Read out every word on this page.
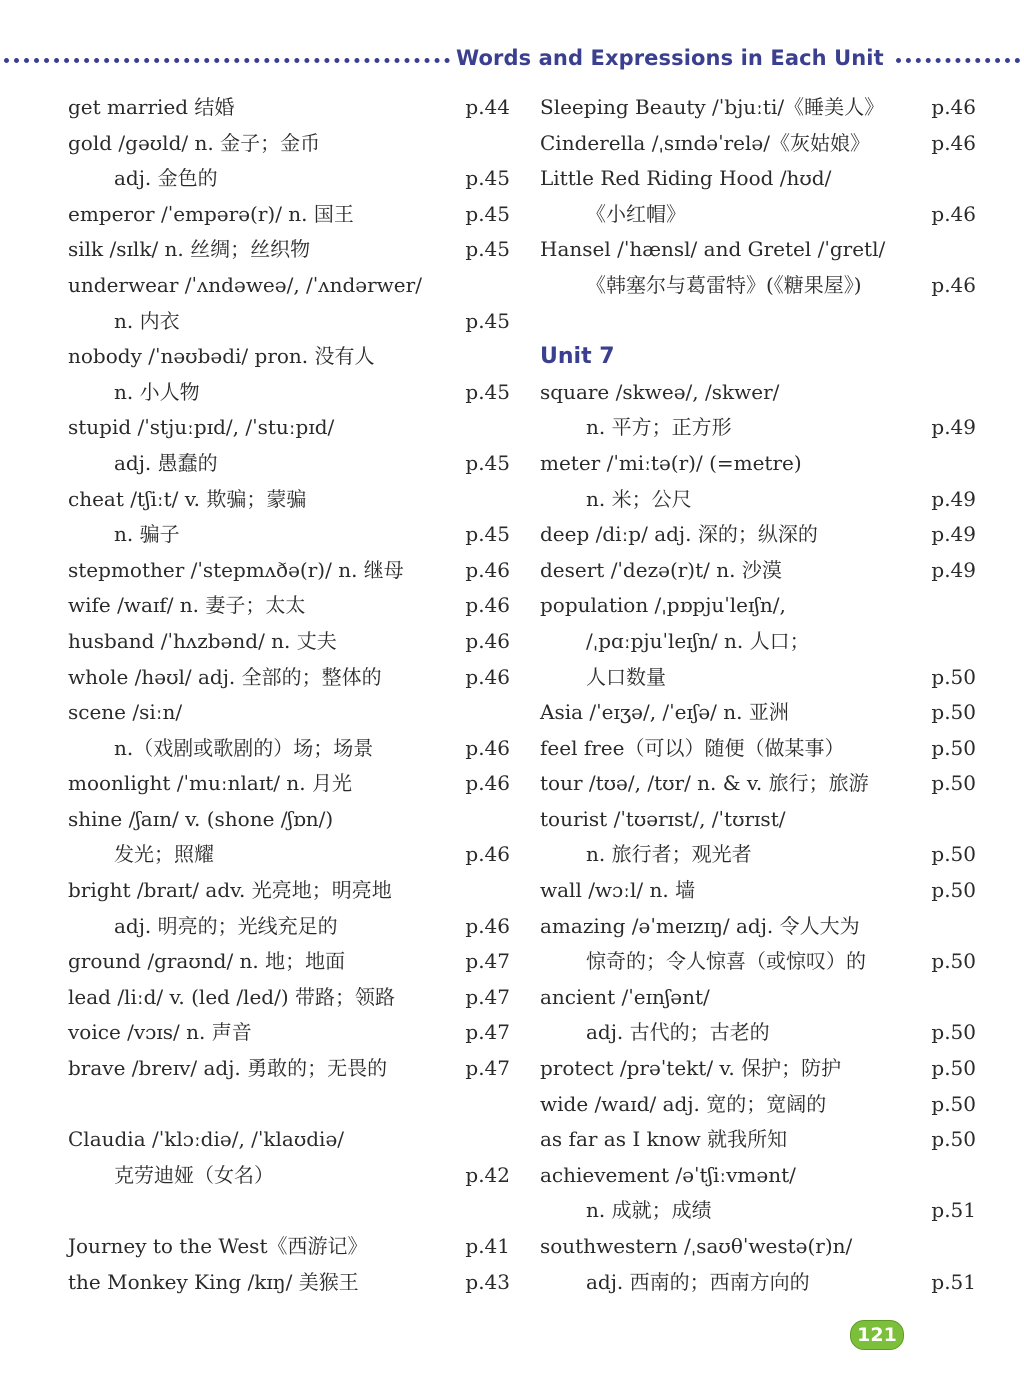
Words and Expressions in Each Unit
get married 结婚	p.44
gold /gəʊld/ n. 金子；金币
adj. 金色的	p.45
emperor /ˈempərə(r)/ n. 国王	p.45
silk /sɪlk/ n. 丝绸；丝织物	p.45
underwear /ˈʌndəweə/, /ˈʌndərwer/
n. 内衣	p.45
nobody /ˈnəʊbədi/ pron. 没有人
n. 小人物	p.45
stupid /ˈstjuːpɪd/, /ˈstuːpɪd/
adj. 愚蠢的	p.45
cheat /tʃiːt/ v. 欺骗；蒙骗
n. 骗子	p.45
stepmother /ˈstepmʌðə(r)/ n. 继母	p.46
wife /waɪf/ n. 妻子；太太	p.46
husband /ˈhʌzbənd/ n. 丈夫	p.46
whole /həʊl/ adj. 全部的；整体的	p.46
scene /siːn/
n.（戏剧或歌剧的）场；场景	p.46
moonlight /ˈmuːnlaɪt/ n. 月光	p.46
shine /ʃaɪn/ v. (shone /ʃɒn/)
发光；照耀	p.46
bright /braɪt/ adv. 光亮地；明亮地
adj. 明亮的；光线充足的	p.46
ground /graʊnd/ n. 地；地面	p.47
lead /liːd/ v. (led /led/) 带路；领路	p.47
voice /vɔɪs/ n. 声音	p.47
brave /breɪv/ adj. 勇敢的；无畏的	p.47
Claudia /ˈklɔːdiə/, /ˈklaʊdiə/
克劳迪娅（女名）	p.42
Journey to the West《西游记》	p.41
the Monkey King /kɪŋ/ 美猴王	p.43
Sleeping Beauty /ˈbjuːti/《睡美人》 p.46
Cinderella /ˌsɪndəˈrelə/《灰姑娘》	p.46
Little Red Riding Hood /hʊd/
《小红帽》	p.46
Hansel /ˈhænsl/ and Gretel /ˈgretl/
《韩塞尔与葛雷特》(《糖果屋》)	p.46
Unit 7
square /skweə/, /skwer/
n. 平方；正方形	p.49
meter /ˈmiːtə(r)/ (=metre)
n. 米；公尺	p.49
deep /diːp/ adj. 深的；纵深的	p.49
desert /ˈdezə(r)t/ n. 沙漠	p.49
population /ˌpɒpjuˈleɪʃn/,
/ˌpɑːpjuˈleɪʃn/ n. 人口；
人口数量	p.50
Asia /ˈeɪʒə/, /ˈeɪʃə/ n. 亚洲	p.50
feel free（可以）随便（做某事）	p.50
tour /tʊə/, /tʊr/ n. & v. 旅行；旅游	p.50
tourist /ˈtʊərɪst/, /ˈtʊrɪst/
n. 旅行者；观光者	p.50
wall /wɔːl/ n. 墙	p.50
amazing /əˈmeɪzɪŋ/ adj. 令人大为
惊奇的；令人惊喜（或惊叹）的	p.50
ancient /ˈeɪnʃənt/
adj. 古代的；古老的	p.50
protect /prəˈtekt/ v. 保护；防护	p.50
wide /waɪd/ adj. 宽的；宽阔的	p.50
as far as I know 就我所知	p.50
achievement /əˈtʃiːvmənt/
n. 成就；成绩	p.51
southwestern /ˌsaʊθˈwestə(r)n/
adj. 西南的；西南方向的	p.51
121
